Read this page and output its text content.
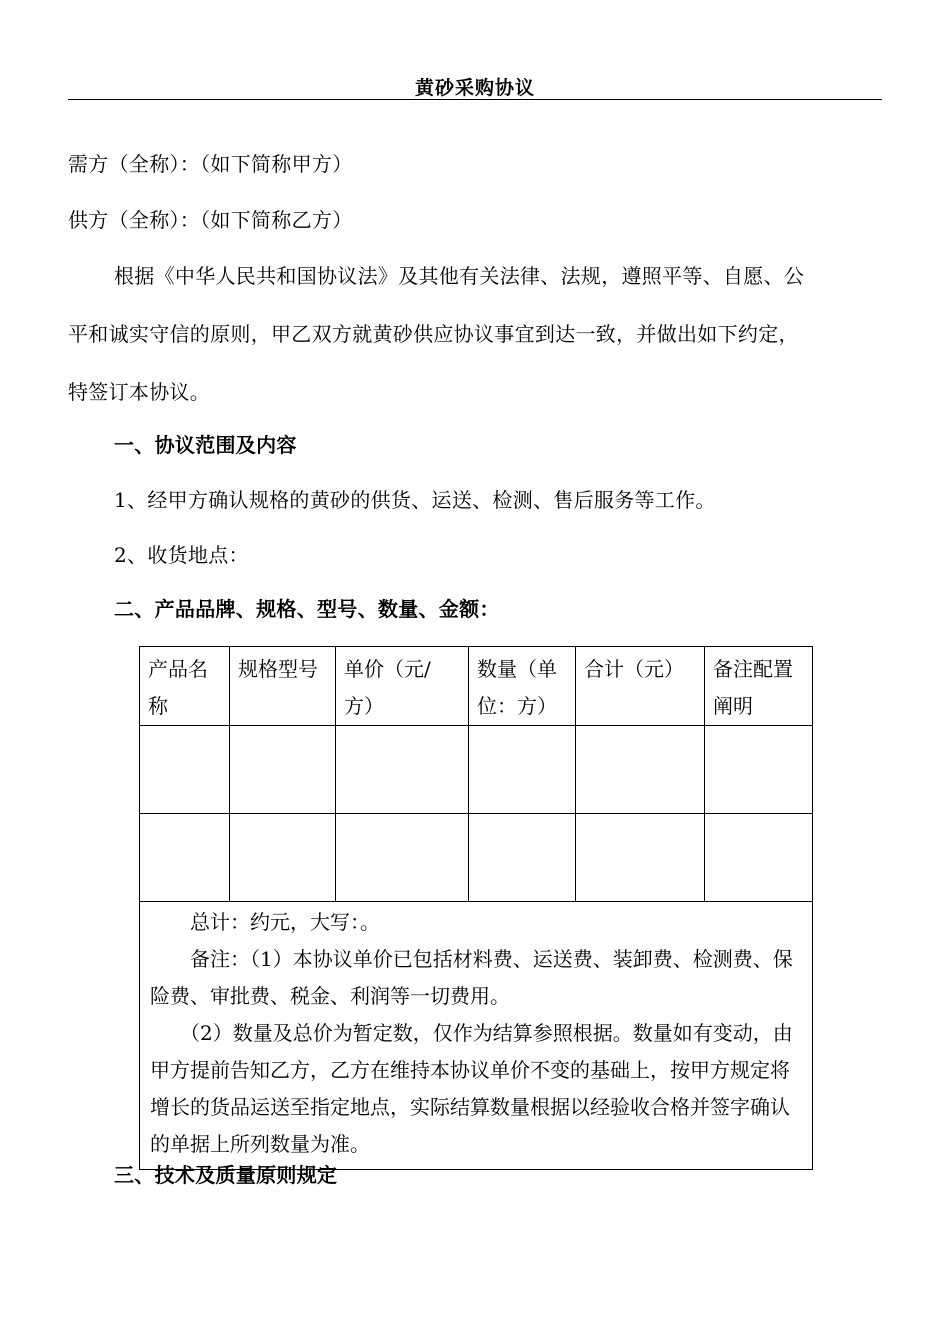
黄砂采购协议
需方（全称）：（如下简称甲方）
供方（全称）：（如下简称乙方）
根据《中华人民共和国协议法》及其他有关法律、法规，遵照平等、自愿、公
平和诚实守信的原则，甲乙双方就黄砂供应协议事宜到达一致，并做出如下约定，
特签订本协议。
一、协议范围及内容
1、经甲方确认规格的黄砂的供货、运送、检测、售后服务等工作。
2、收货地点：
二、产品品牌、规格、型号、数量、金额：
产品名称	规格型号	单价（元/方）	数量（单位：方）	合计（元）	备注配置阐明

总计：约元，大写：。
备注：（1）本协议单价已包括材料费、运送费、装卸费、检测费、保险费、审批费、税金、利润等一切费用。
（2）数量及总价为暂定数，仅作为结算参照根据。数量如有变动，由甲方提前告知乙方，乙方在维持本协议单价不变的基础上，按甲方规定将增长的货品运送至指定地点，实际结算数量根据以经验收合格并签字确认的单据上所列数量为准。					
三、技术及质量原则规定
